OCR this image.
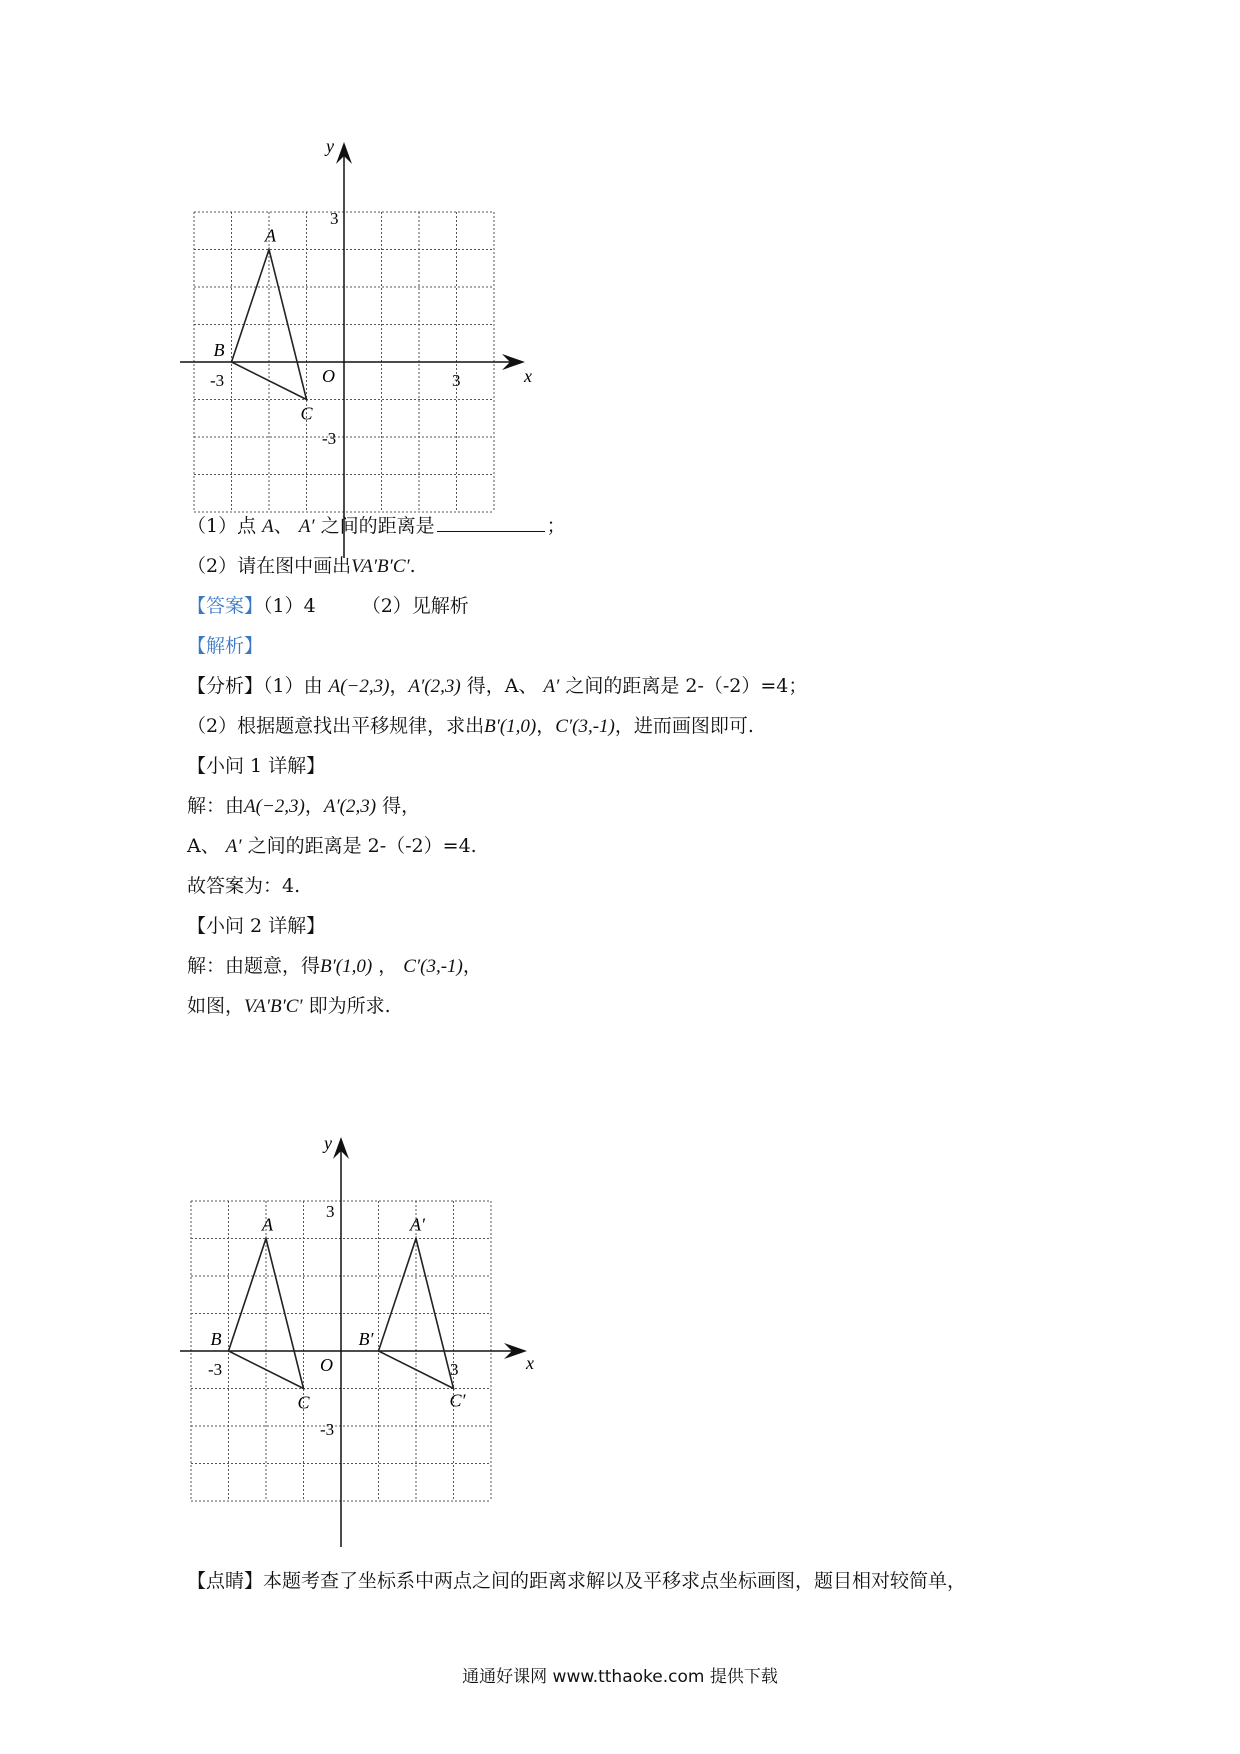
x
y
O
-3	3
3
-3
A
B
C
（1）点 A、 A′ 之间的距离是	；
（2）请在图中画出VA′B′C′.
【答案】（1）4 （2）见解析
【解析】
【分析】（1）由 A(−2,3)，A′(2,3) 得，A、 A′ 之间的距离是 2-（-2）=4；
（2）根据题意找出平移规律，求出B′(1,0)，C′(3,-1)，进而画图即可.
【小问 1 详解】
解：由A(−2,3)，A′(2,3) 得，
A、 A′ 之间的距离是 2-（-2）=4.
故答案为：4.
【小问 2 详解】
解：由题意，得B′(1,0) ， C′(3,-1)，
如图，VA′B′C′ 即为所求.
x
y
O
-3	3
3
-3
A
B
C
A′
B′
C′
【点睛】本题考查了坐标系中两点之间的距离求解以及平移求点坐标画图，题目相对较简单，
通通好课网 www.tthaoke.com 提供下载
